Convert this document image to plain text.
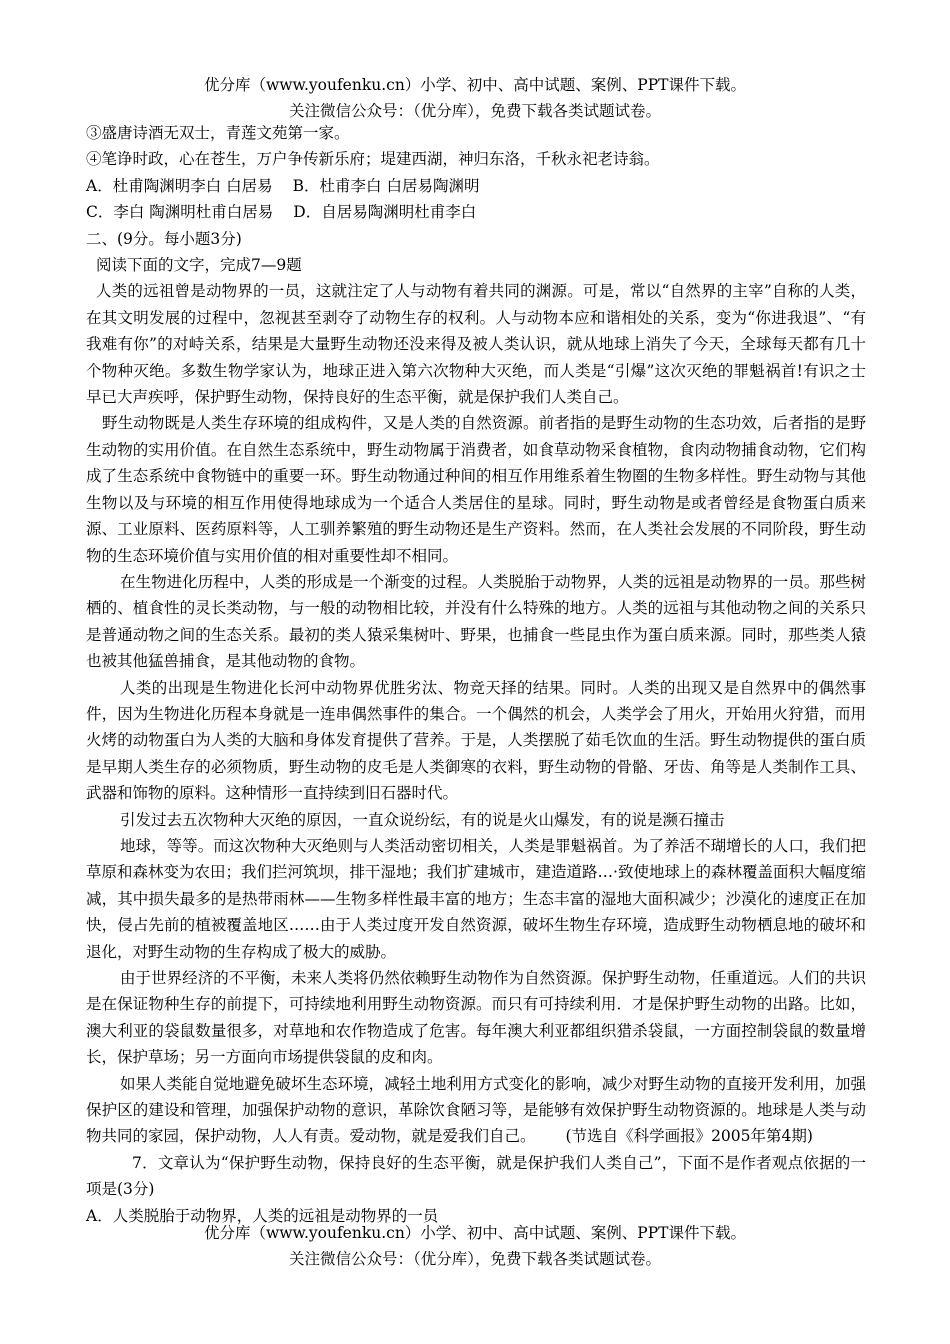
优分库（www.youfenku.cn）小学、初中、高中试题、案例、PPT课件下载。
关注微信公众号：（优分库），免费下载各类试题试卷。

③盛唐诗酒无双士，青莲文苑第一家。

④笔诤时政，心在苍生，万户争传新乐府；堤建西湖，神归东洛，千秋永祀老诗翁。

A．杜甫陶渊明李白 白居易 B．杜甫李白 白居易陶渊明

C．李白 陶渊明杜甫白居易 D．自居易陶渊明杜甫李白

二、(9分。每小题3分)

阅读下面的文字，完成7—9题

人类的远祖曾是动物界的一员，这就注定了人与动物有着共同的渊源。可是，常以“自然界的主宰”自称的人类，在其文明发展的过程中，忽视甚至剥夺了动物生存的权利。人与动物本应和谐相处的关系，变为“你进我退”、“有我难有你”的对峙关系，结果是大量野生动物还没来得及被人类认识，就从地球上消失了今天，全球每天都有几十个物种灭绝。多数生物学家认为，地球正进入第六次物种大灭绝，而人类是“引爆”这次灭绝的罪魁祸首!有识之士早已大声疾呼，保护野生动物，保持良好的生态平衡，就是保护我们人类自己。

野生动物既是人类生存环境的组成构件，又是人类的自然资源。前者指的是野生动物的生态功效，后者指的是野生动物的实用价值。在自然生态系统中，野生动物属于消费者，如食草动物采食植物，食肉动物捕食动物，它们构成了生态系统中食物链中的重要一环。野生动物通过种间的相互作用维系着生物圈的生物多样性。野生动物与其他生物以及与环境的相互作用使得地球成为一个适合人类居住的星球。同时，野生动物是或者曾经是食物蛋白质来源、工业原料、医药原料等，人工驯养繁殖的野生动物还是生产资料。然而，在人类社会发展的不同阶段，野生动物的生态环境价值与实用价值的相对重要性却不相同。

在生物进化历程中，人类的形成是一个渐变的过程。人类脱胎于动物界，人类的远祖是动物界的一员。那些树栖的、植食性的灵长类动物，与一般的动物相比较，并没有什么特殊的地方。人类的远祖与其他动物之间的关系只是普通动物之间的生态关系。最初的类人猿采集树叶、野果，也捕食一些昆虫作为蛋白质来源。同时，那些类人猿也被其他猛兽捕食，是其他动物的食物。

人类的出现是生物进化长河中动物界优胜劣汰、物竞天择的结果。同时。人类的出现又是自然界中的偶然事件，因为生物进化历程本身就是一连串偶然事件的集合。一个偶然的机会，人类学会了用火，开始用火狩猎，而用火烤的动物蛋白为人类的大脑和身体发育提供了营养。于是，人类摆脱了茹毛饮血的生活。野生动物提供的蛋白质是早期人类生存的必须物质，野生动物的皮毛是人类御寒的衣料，野生动物的骨骼、牙齿、角等是人类制作工具、武器和饰物的原料。这种情形一直持续到旧石器时代。

引发过去五次物种大灭绝的原因，一直众说纷纭，有的说是火山爆发，有的说是濒石撞击

地球，等等。而这次物种大灭绝则与人类活动密切相关，人类是罪魁祸首。为了养活不瑚增长的人口，我们把草原和森林变为农田；我们拦河筑坝，排干湿地；我们扩建城市，建造道路…·致使地球上的森林覆盖面积大幅度缩减，其中损失最多的是热带雨林——生物多样性最丰富的地方；生态丰富的湿地大面积减少；沙漠化的速度正在加快，侵占先前的植被覆盖地区……由于人类过度开发自然资源，破坏生物生存环境，造成野生动物栖息地的破坏和退化，对野生动物的生存构成了极大的威胁。

由于世界经济的不平衡，未来人类将仍然依赖野生动物作为自然资源。保护野生动物，任重道远。人们的共识是在保证物种生存的前提下，可持续地利用野生动物资源。而只有可持续利用．才是保护野生动物的出路。比如，澳大利亚的袋鼠数量很多，对草地和农作物造成了危害。每年澳大利亚都组织猎杀袋鼠，一方面控制袋鼠的数量增长，保护草场；另一方面向市场提供袋鼠的皮和肉。

如果人类能自觉地避免破坏生态环境，减轻土地利用方式变化的影响，减少对野生动物的直接开发利用，加强保护区的建设和管理，加强保护动物的意识，革除饮食陋习等，是能够有效保护野生动物资源的。地球是人类与动物共同的家园，保护动物，人人有责。爱动物，就是爱我们自己。 (节选自《科学画报》2005年第4期)

7．文章认为“保护野生动物，保持良好的生态平衡，就是保护我们人类自己”，下面不是作者观点依据的一项是(3分)

A．人类脱胎于动物界，人类的远祖是动物界的一员

优分库（www.youfenku.cn）小学、初中、高中试题、案例、PPT课件下载。
关注微信公众号：（优分库），免费下载各类试题试卷。
